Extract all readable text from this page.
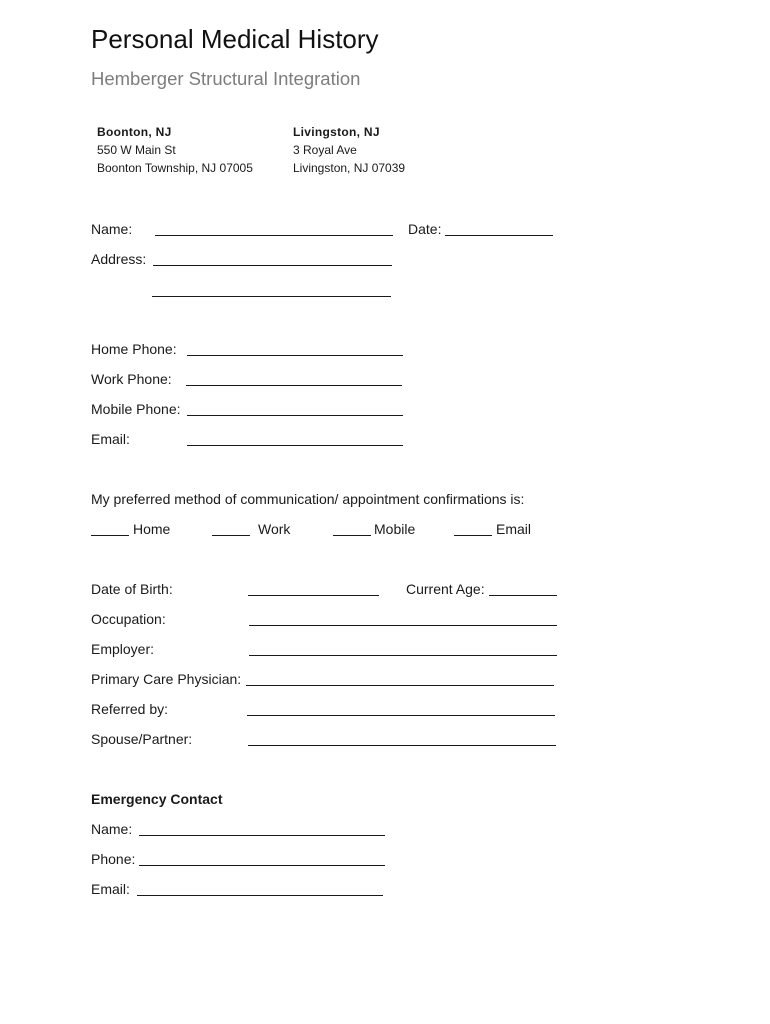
Personal Medical History
Hemberger Structural Integration
Boonton, NJ
550 W Main St
Boonton Township, NJ 07005
Livingston, NJ
3 Royal Ave
Livingston, NJ 07039
Name:	Date:
Address:
Home Phone:
Work Phone:
Mobile Phone:
Email:
My preferred method of communication/ appointment confirmations is:
Home	Work	Mobile	Email
Date of Birth:	Current Age:
Occupation:
Employer:
Primary Care Physician:
Referred by:
Spouse/Partner:
Emergency Contact
Name:
Phone:
Email:
